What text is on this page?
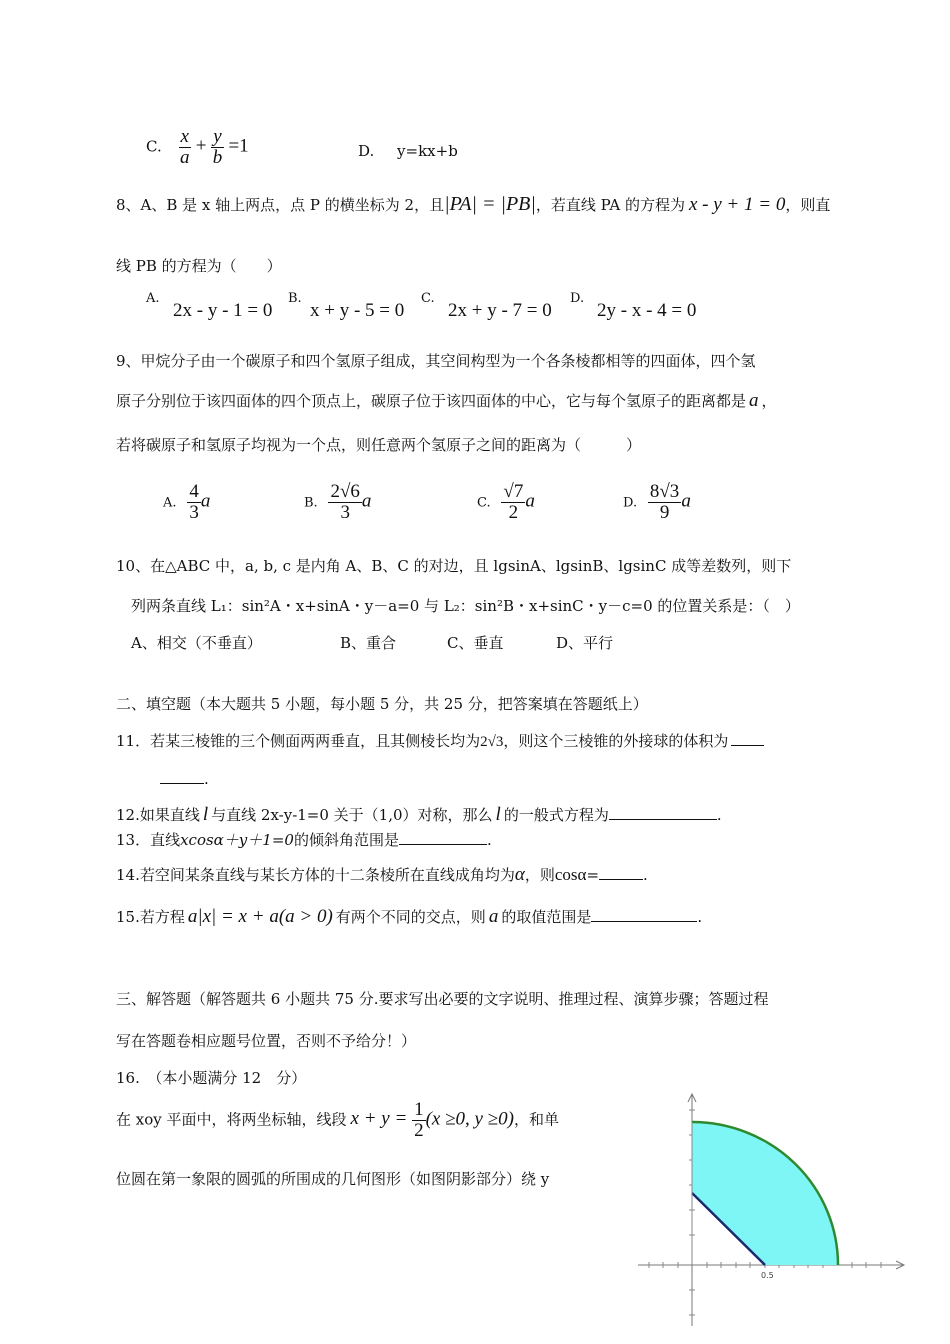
C. $\frac{x}{a} + \frac{y}{b} =1$	D. y=kx+b
8、A、B 是 x 轴上两点，点 P 的横坐标为 2，且|PA| = |PB|，若直线 PA 的方程为 x - y + 1 = 0，则直
线 PB 的方程为（　　）
A.
2x - y - 1 = 0
B.
x + y - 5 = 0
C.
2x + y - 7 = 0
D.
2y - x - 4 = 0
9、甲烷分子由一个碳原子和四个氢原子组成，其空间构型为一个各条棱都相等的四面体，四个氢
原子分别位于该四面体的四个顶点上，碳原子位于该四面体的中心，它与每个氢原子的距离都是 a ，
若将碳原子和氢原子均视为一个点，则任意两个氢原子之间的距离为（　　　）
A. $\frac{4}{3}$ a	B. $\frac{2√6}{3}$ a	C. $\frac{√7}{2}$ a	D. $\frac{8√3}{9}$ a
10、在△ABC 中，a, b, c 是内角 A、B、C 的对边，且 lgsinA、lgsinB、lgsinC 成等差数列，则下
列两条直线 L₁：sin²A・x+sinA・y－a=0 与 L₂：sin²B・x+sinC・y－c=0 的位置关系是：（　）
A、相交（不垂直）	B、重合	C、垂直	D、平行
二、填空题（本大题共 5 小题，每小题 5 分，共 25 分，把答案填在答题纸上）
11．若某三棱锥的三个侧面两两垂直，且其侧棱长均为2√3，则这个三棱锥的外接球的体积为
.
12.如果直线 l 与直线 2x-y-1=0 关于（1,0）对称，那么 l 的一般式方程为	.
13．直线xcosα＋y＋1=0的倾斜角范围是	.
14.若空间某条直线与某长方体的十二条棱所在直线成角均为α，则cosα=	.
15.若方程 a|x| = x + a(a > 0) 有两个不同的交点，则 a 的取值范围是	.
三、解答题（解答题共 6 小题共 75 分.要求写出必要的文字说明、推理过程、演算步骤；答题过程
写在答题卷相应题号位置，否则不予给分！）
16.　（本小题满分 12　分）
在 xoy 平面中，将两坐标轴，线段 $x + y = \frac{1}{2} (x \ge 0$, y ≥0)，和单
位圆在第一象限的圆弧的所围成的几何图形（如图阴影部分）绕 y
0.5
